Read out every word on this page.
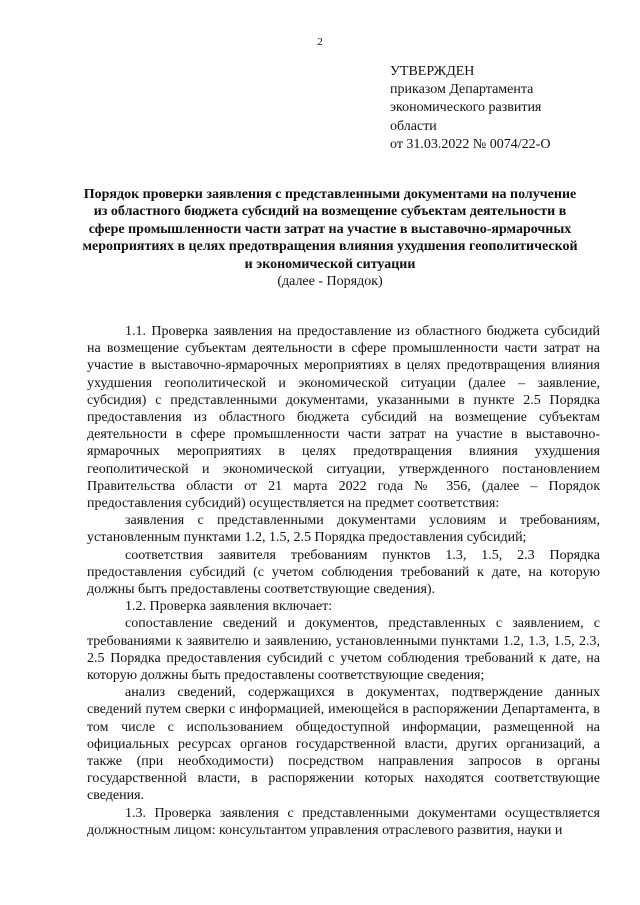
2
УТВЕРЖДЕН
приказом Департамента
экономического развития
области
от 31.03.2022 № 0074/22-О
Порядок проверки заявления с представленными документами на получение из областного бюджета субсидий на возмещение субъектам деятельности в сфере промышленности части затрат на участие в выставочно-ярмарочных мероприятиях в целях предотвращения влияния ухудшения геополитической и экономической ситуации
(далее - Порядок)

1.1. Проверка заявления на предоставление из областного бюджета субсидий на возмещение субъектам деятельности в сфере промышленности части затрат на участие в выставочно-ярмарочных мероприятиях в целях предотвращения влияния ухудшения геополитической и экономической ситуации (далее – заявление, субсидия) с представленными документами, указанными в пункте 2.5 Порядка предоставления из областного бюджета субсидий на возмещение субъектам деятельности в сфере промышленности части затрат на участие в выставочно-ярмарочных мероприятиях в целях предотвращения влияния ухудшения геополитической и экономической ситуации, утвержденного постановлением Правительства области от 21 марта 2022 года № 356, (далее – Порядок предоставления субсидий) осуществляется на предмет соответствия:

заявления с представленными документами условиям и требованиям, установленным пунктами 1.2, 1.5, 2.5 Порядка предоставления субсидий;

соответствия заявителя требованиям пунктов 1.3, 1.5, 2.3 Порядка предоставления субсидий (с учетом соблюдения требований к дате, на которую должны быть предоставлены соответствующие сведения).

1.2. Проверка заявления включает:

сопоставление сведений и документов, представленных с заявлением, с требованиями к заявителю и заявлению, установленными пунктами 1.2, 1.3, 1.5, 2.3, 2.5 Порядка предоставления субсидий с учетом соблюдения требований к дате, на которую должны быть предоставлены соответствующие сведения;

анализ сведений, содержащихся в документах, подтверждение данных сведений путем сверки с информацией, имеющейся в распоряжении Департамента, в том числе с использованием общедоступной информации, размещенной на официальных ресурсах органов государственной власти, других организаций, а также (при необходимости) посредством направления запросов в органы государственной власти, в распоряжении которых находятся соответствующие сведения.

1.3. Проверка заявления с представленными документами осуществляется должностным лицом: консультантом управления отраслевого развития, науки и
